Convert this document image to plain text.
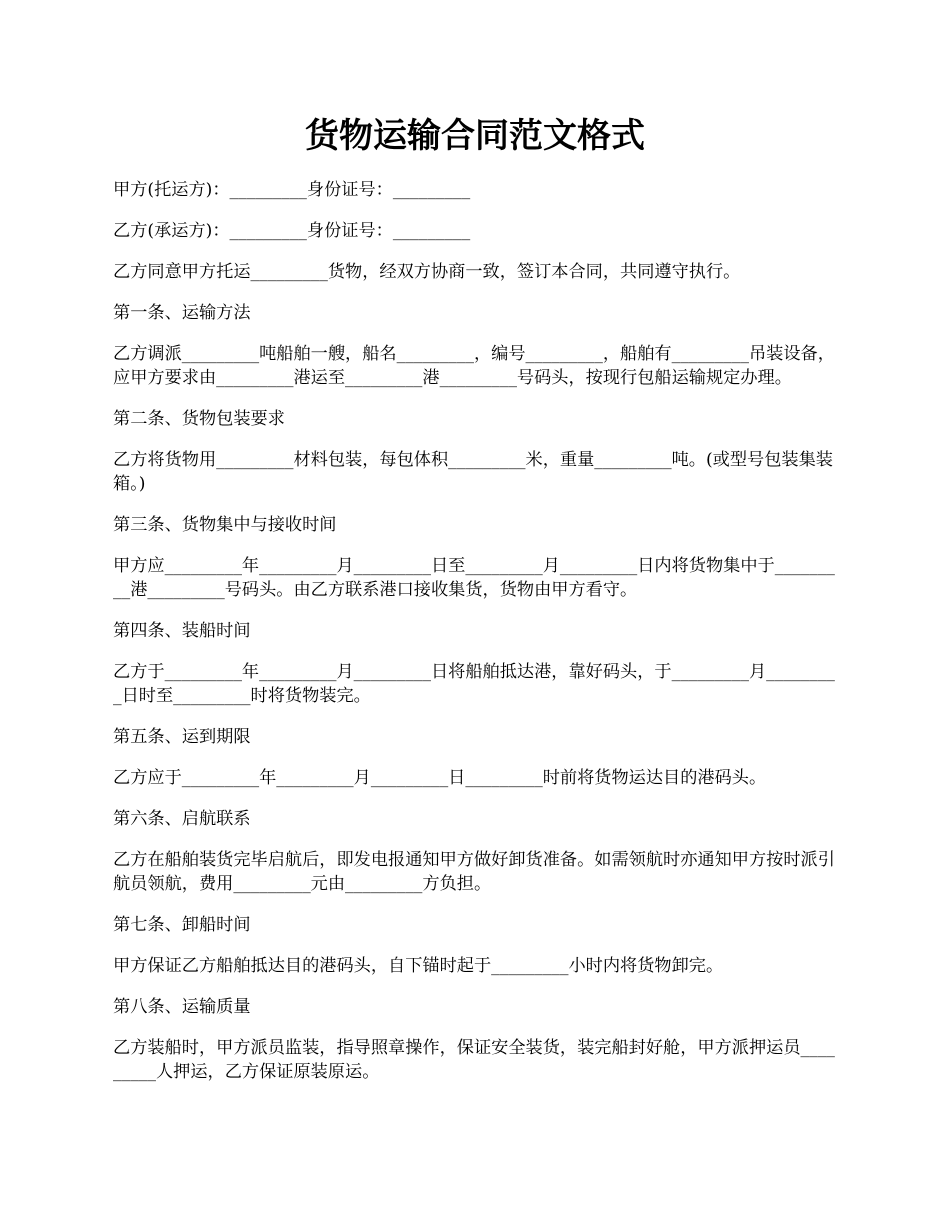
货物运输合同范文格式

甲方(托运方)：_________身份证号：_________

乙方(承运方)：_________身份证号：_________

乙方同意甲方托运_________货物，经双方协商一致，签订本合同，共同遵守执行。

第一条、运输方法

乙方调派_________吨船舶一艘，船名_________，编号_________，船舶有_________吊装设备，应甲方要求由_________港运至_________港_________号码头，按现行包船运输规定办理。

第二条、货物包装要求

乙方将货物用_________材料包装，每包体积_________米，重量_________吨。(或型号包装集装箱。)

第三条、货物集中与接收时间

甲方应_________年_________月_________日至_________月_________日内将货物集中于_________港_________号码头。由乙方联系港口接收集货，货物由甲方看守。

第四条、装船时间

乙方于_________年_________月_________日将船舶抵达港，靠好码头，于_________月_________日时至_________时将货物装完。

第五条、运到期限

乙方应于_________年_________月_________日_________时前将货物运达目的港码头。

第六条、启航联系

乙方在船舶装货完毕启航后，即发电报通知甲方做好卸货准备。如需领航时亦通知甲方按时派引航员领航，费用_________元由_________方负担。

第七条、卸船时间

甲方保证乙方船舶抵达目的港码头，自下锚时起于_________小时内将货物卸完。

第八条、运输质量

乙方装船时，甲方派员监装，指导照章操作，保证安全装货，装完船封好舱，甲方派押运员_________人押运，乙方保证原装原运。
